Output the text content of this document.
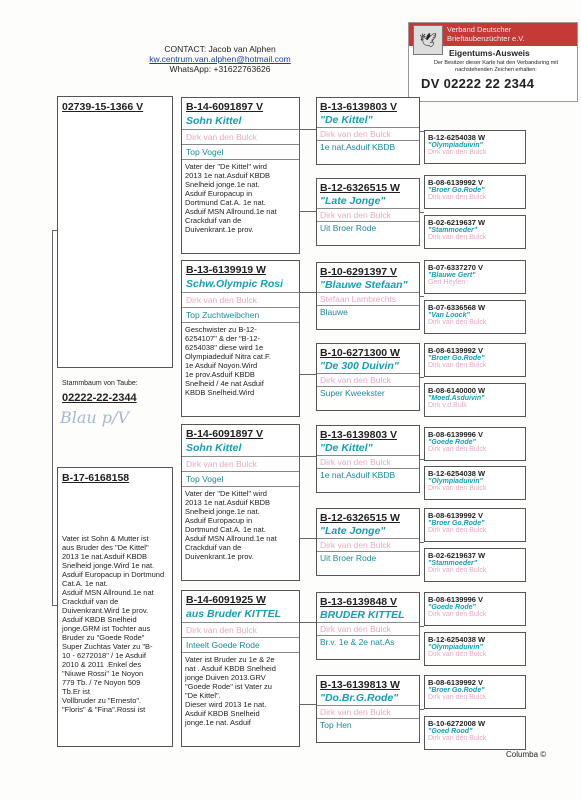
CONTACT: Jacob van Alphen
kw.centrum.van.alphen@hotmail.com
WhatsApp: +31622763626
🕊
Verband Deutscher Brieftaubenzüchter e.V.
Eigentums-Ausweis
Der Besitzer dieser Karte hat den Verbandsring mit nachstehenden Zeichen erhalten:
DV 02222 22 2344
02739-15-1366 V
Stammbaum von Taube:
02222-22-2344
Blau p/V
B-17-6168158
Vater ist Sohn & Mutter ist
aus Bruder des "De Kittel"
2013 1e nat.Asduif KBDB
Snelheid jonge.Wird 1e nat.
Asduif Europacup in Dortmund
Cat.A. 1e nat.
Asduif MSN Allround.1e nat
Crackduif van de
Duivenkrant.Wird 1e prov.
Asduif KBDB Snelheid
jonge.GRM ist Tochter aus
Bruder zu "Goede Rode"
Super Zuchtas Vater zu "B-
10 - 6272018" / 1e Asduif
2010 & 2011 .Enkel des
"Niuwe Rossi" 1e Noyon
779 Tb. / 7e Noyon 509
Tb.Er ist
Vollbruder zu "Ernesto".
"Floris" & "Fina".Rossi ist
B-14-6091897 V
Sohn Kittel
Dirk van den Bulck
Top Vogel
Vater der "De Kittel" wird
2013 1e nat.Asduif KBDB
Snelheid jonge.1e nat.
Asduif Europacup in
Dortmund Cat.A. 1e nat.
Asduif MSN Allround.1e nat
Crackduif van de
Duivenkrant.1e prov.
B-13-6139919 W
Schw.Olympic Rosi
Dirk van den Bulck
Top Zuchtweibchen
Geschwister zu B-12-
6254107" & der "B-12-
6254038" diese wird 1e
Olympiadeduif Nitra cat.F.
1e Asduif Noyon.Wird
1e prov.Asduif KBDB
Snelheid / 4e nat Asduif
KBDB Snelheid.Wird
B-14-6091897 V
Sohn Kittel
Dirk van den Bulck
Top Vogel
Vater der "De Kittel" wird
2013 1e nat.Asduif KBDB
Snelheid jonge.1e nat.
Asduif Europacup in
Dortmund Cat.A. 1e nat.
Asduif MSN Allround.1e nat
Crackduif van de
Duivenkrant.1e prov.
B-14-6091925 W
aus Bruder KITTEL
Dirk van den Bulck
Inteelt Goede Rode
Vater ist Bruder zu 1e & 2e
nat . Asduif KBDB Snelheid
jonge Duiven 2013.GRV
"Goede Rode" ist Vater zu
"De Kittel".
Dieser wird 2013 1e nat.
Asduif KBDB Snelheid
jonge.1e nat. Asduif
B-13-6139803 V
"De Kittel"
Dirk van den Bulck
1e nat.Asduif KBDB
B-12-6326515 W
"Late Jonge"
Dirk van den Bulck
Uit Broer Rode
B-10-6291397 V
"Blauwe Stefaan"
Stefaan Lambrechts
Blauwe
B-10-6271300 W
"De 300 Duivin"
Dirk van den Bulck
Super Kweekster
B-13-6139803 V
"De Kittel"
Dirk van den Bulck
1e nat.Asduif KBDB
B-12-6326515 W
"Late Jonge"
Dirk van den Bulck
Uit Broer Rode
B-13-6139848 V
BRUDER KITTEL
Dirk van den Bulck
Br.v. 1e & 2e nat.As
B-13-6139813 W
"Do.Br.G.Rode"
Dirk van den Bulck
Top Hen
B-12-6254038 W
"Olympiaduivin"
Dirk van den Bulck
B-08-6139992 V
"Broer Go.Rode"
Dirk van den Bulck
B-02-6219637 W
"Stammoeder"
Dirk van den Bulck
B-07-6337270 V
"Blauwe Gert"
Gert Heylen
B-07-6336568 W
"Van Loock"
Dirk van den Bulck
B-08-6139992 V
"Broer Go.Rode"
Dirk van den Bulck
B-08-6140000 W
"Moed.Asduivin"
Dirk v.d.Bulk
B-08-6139996 V
"Goede Rode"
Dirk van den Bulck
B-12-6254038 W
"Olympiaduivin"
Dirk van den Bulck
B-08-6139992 V
"Broer Go.Rode"
Dirk van den Bulck
B-02-6219637 W
"Stammoeder"
Dirk van den Bulck
B-08-6139996 V
"Goede Rode"
Dirk van den Bulck
B-12-6254038 W
"Olympiaduivin"
Dirk van den Bulck
B-08-6139992 V
"Broer Go.Rode"
Dirk van den Bulck
B-10-6272008 W
"Goed Rood"
Dirk van den Bulck
Columba ©
